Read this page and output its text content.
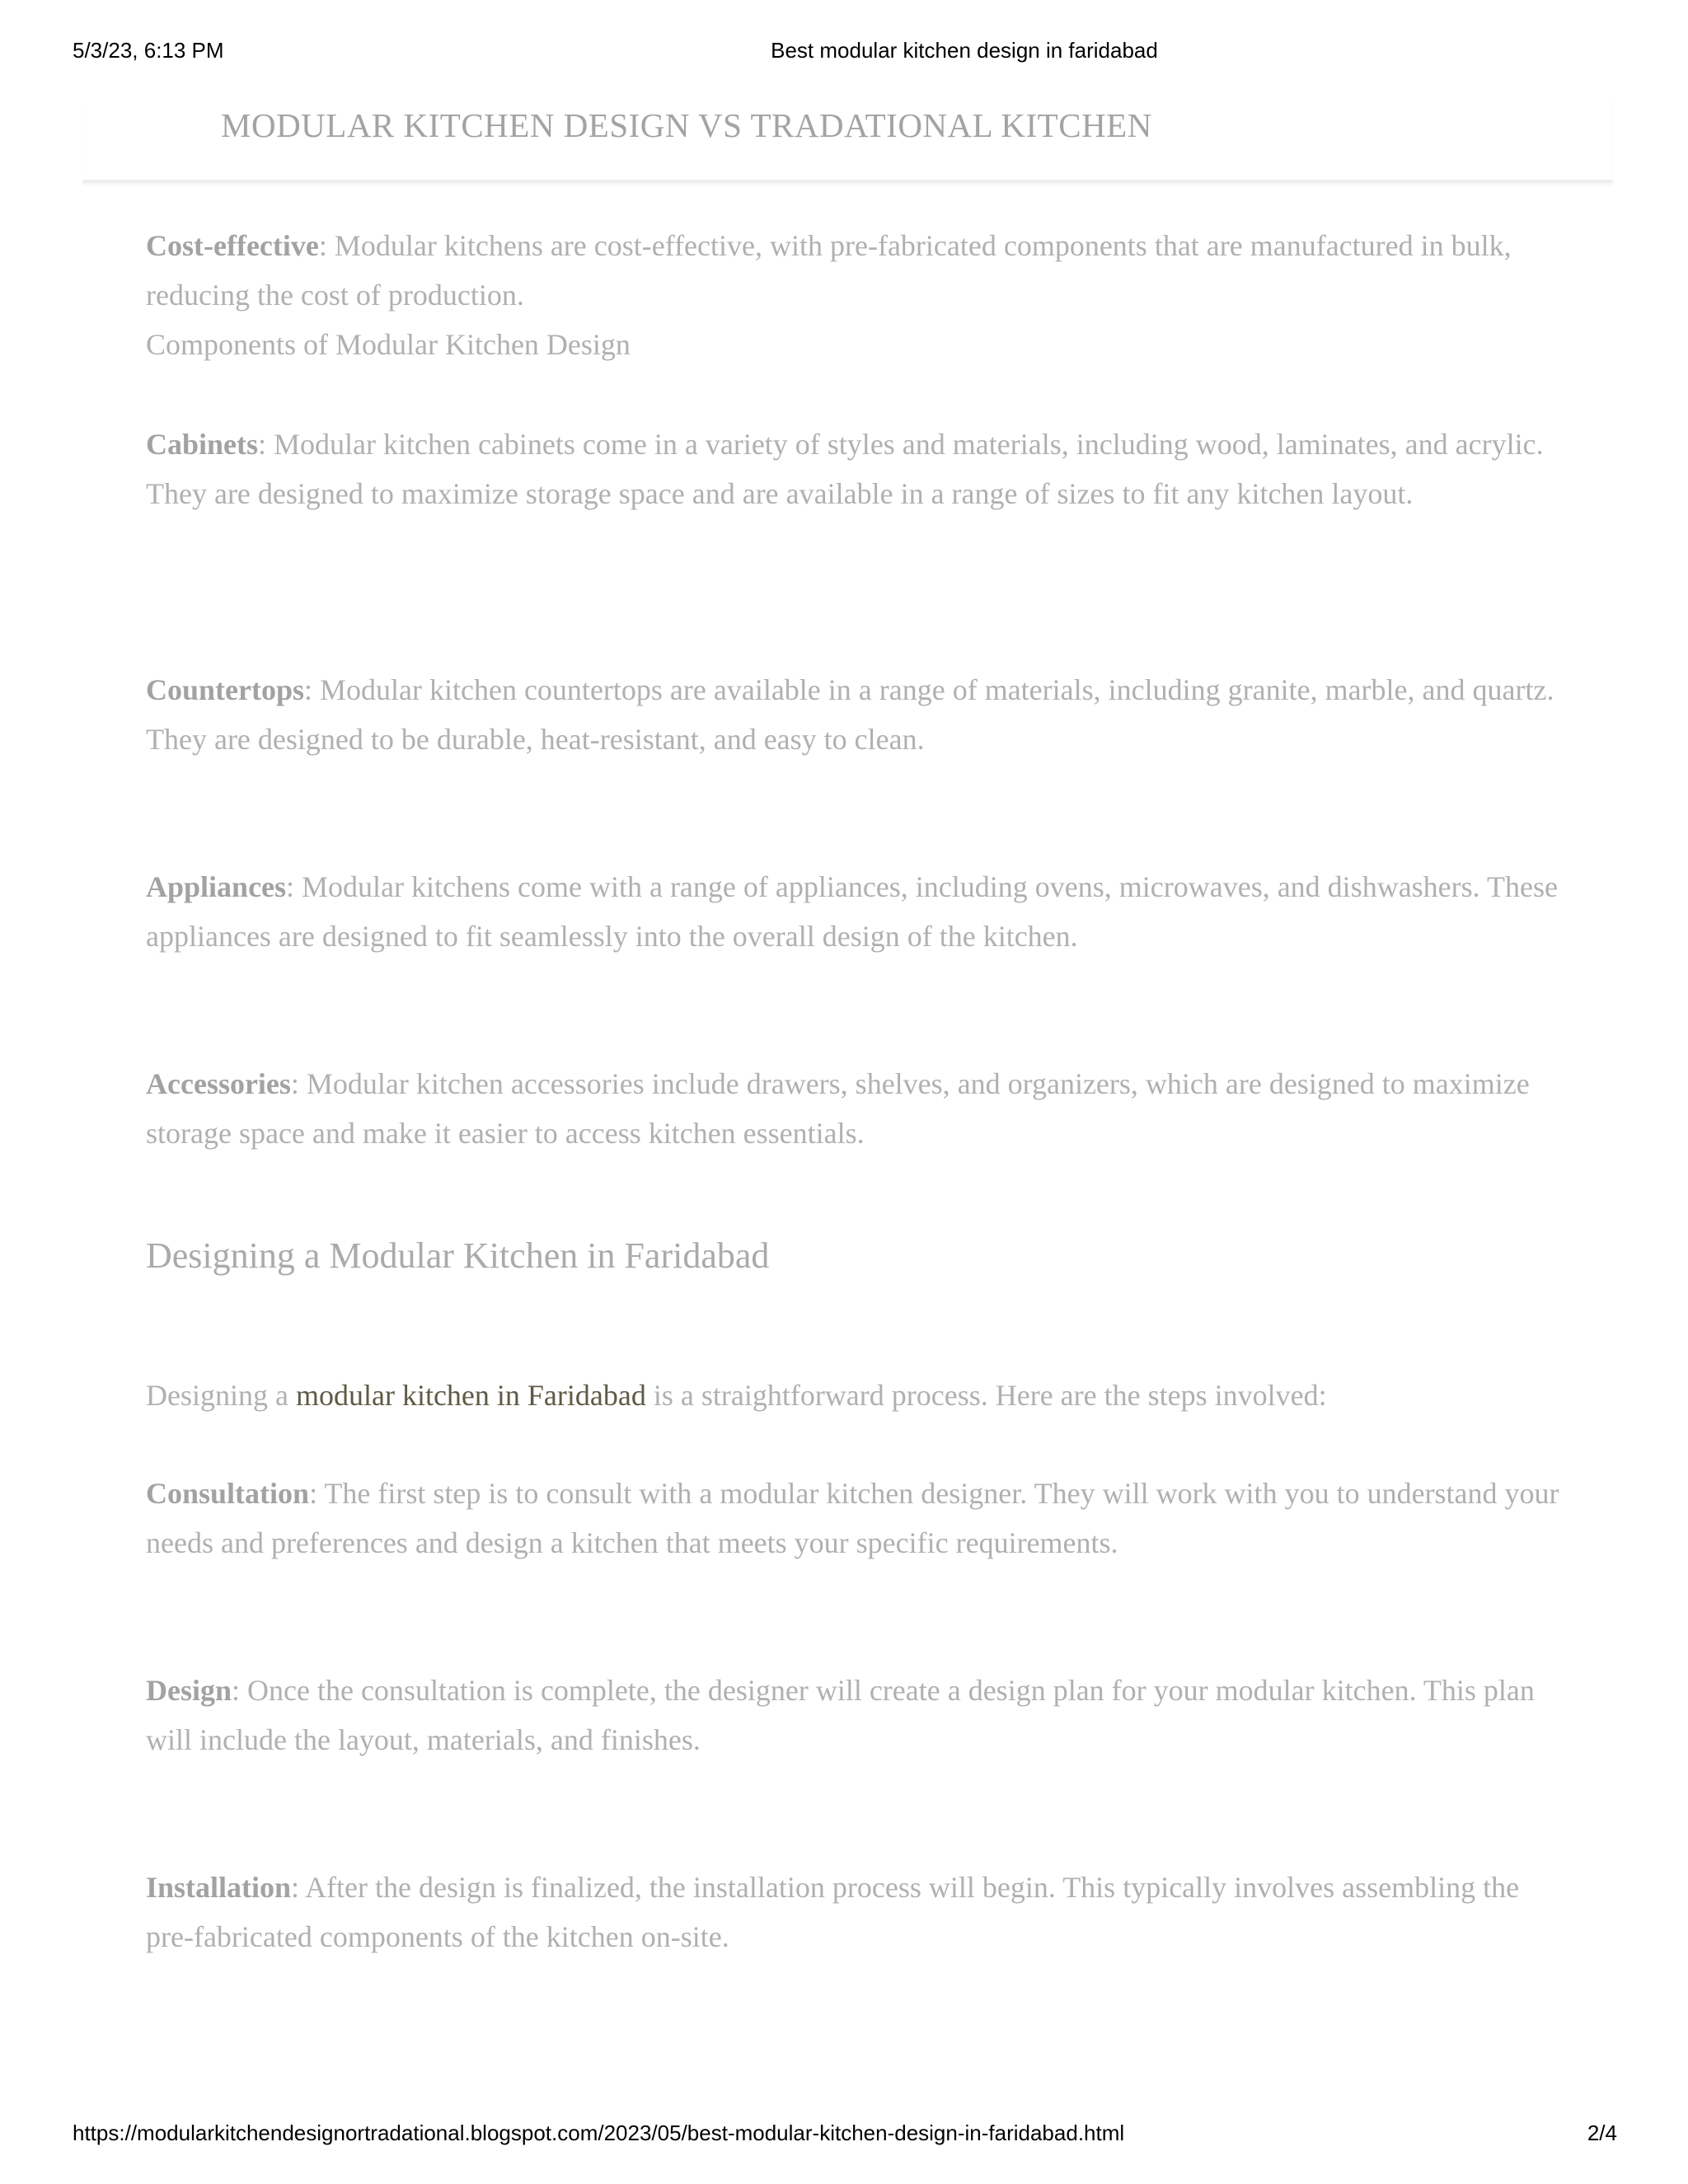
5/3/23, 6:13 PM	Best modular kitchen design in faridabad
MODULAR KITCHEN DESIGN VS TRADATIONAL KITCHEN

Cost-effective: Modular kitchens are cost-effective, with pre-fabricated components that are manufactured in bulk, reducing the cost of production.

Components of Modular Kitchen Design

Cabinets: Modular kitchen cabinets come in a variety of styles and materials, including wood, laminates, and acrylic. They are designed to maximize storage space and are available in a range of sizes to fit any kitchen layout.

Countertops: Modular kitchen countertops are available in a range of materials, including granite, marble, and quartz. They are designed to be durable, heat-resistant, and easy to clean.

Appliances: Modular kitchens come with a range of appliances, including ovens, microwaves, and dishwashers. These appliances are designed to fit seamlessly into the overall design of the kitchen.

Accessories: Modular kitchen accessories include drawers, shelves, and organizers, which are designed to maximize storage space and make it easier to access kitchen essentials.

Designing a Modular Kitchen in Faridabad

Designing a modular kitchen in Faridabad is a straightforward process. Here are the steps involved:

Consultation: The first step is to consult with a modular kitchen designer. They will work with you to understand your needs and preferences and design a kitchen that meets your specific requirements.

Design: Once the consultation is complete, the designer will create a design plan for your modular kitchen. This plan will include the layout, materials, and finishes.

Installation: After the design is finalized, the installation process will begin. This typically involves assembling the pre-fabricated components of the kitchen on-site.

https://modularkitchendesignortradational.blogspot.com/2023/05/best-modular-kitchen-design-in-faridabad.html	2/4
